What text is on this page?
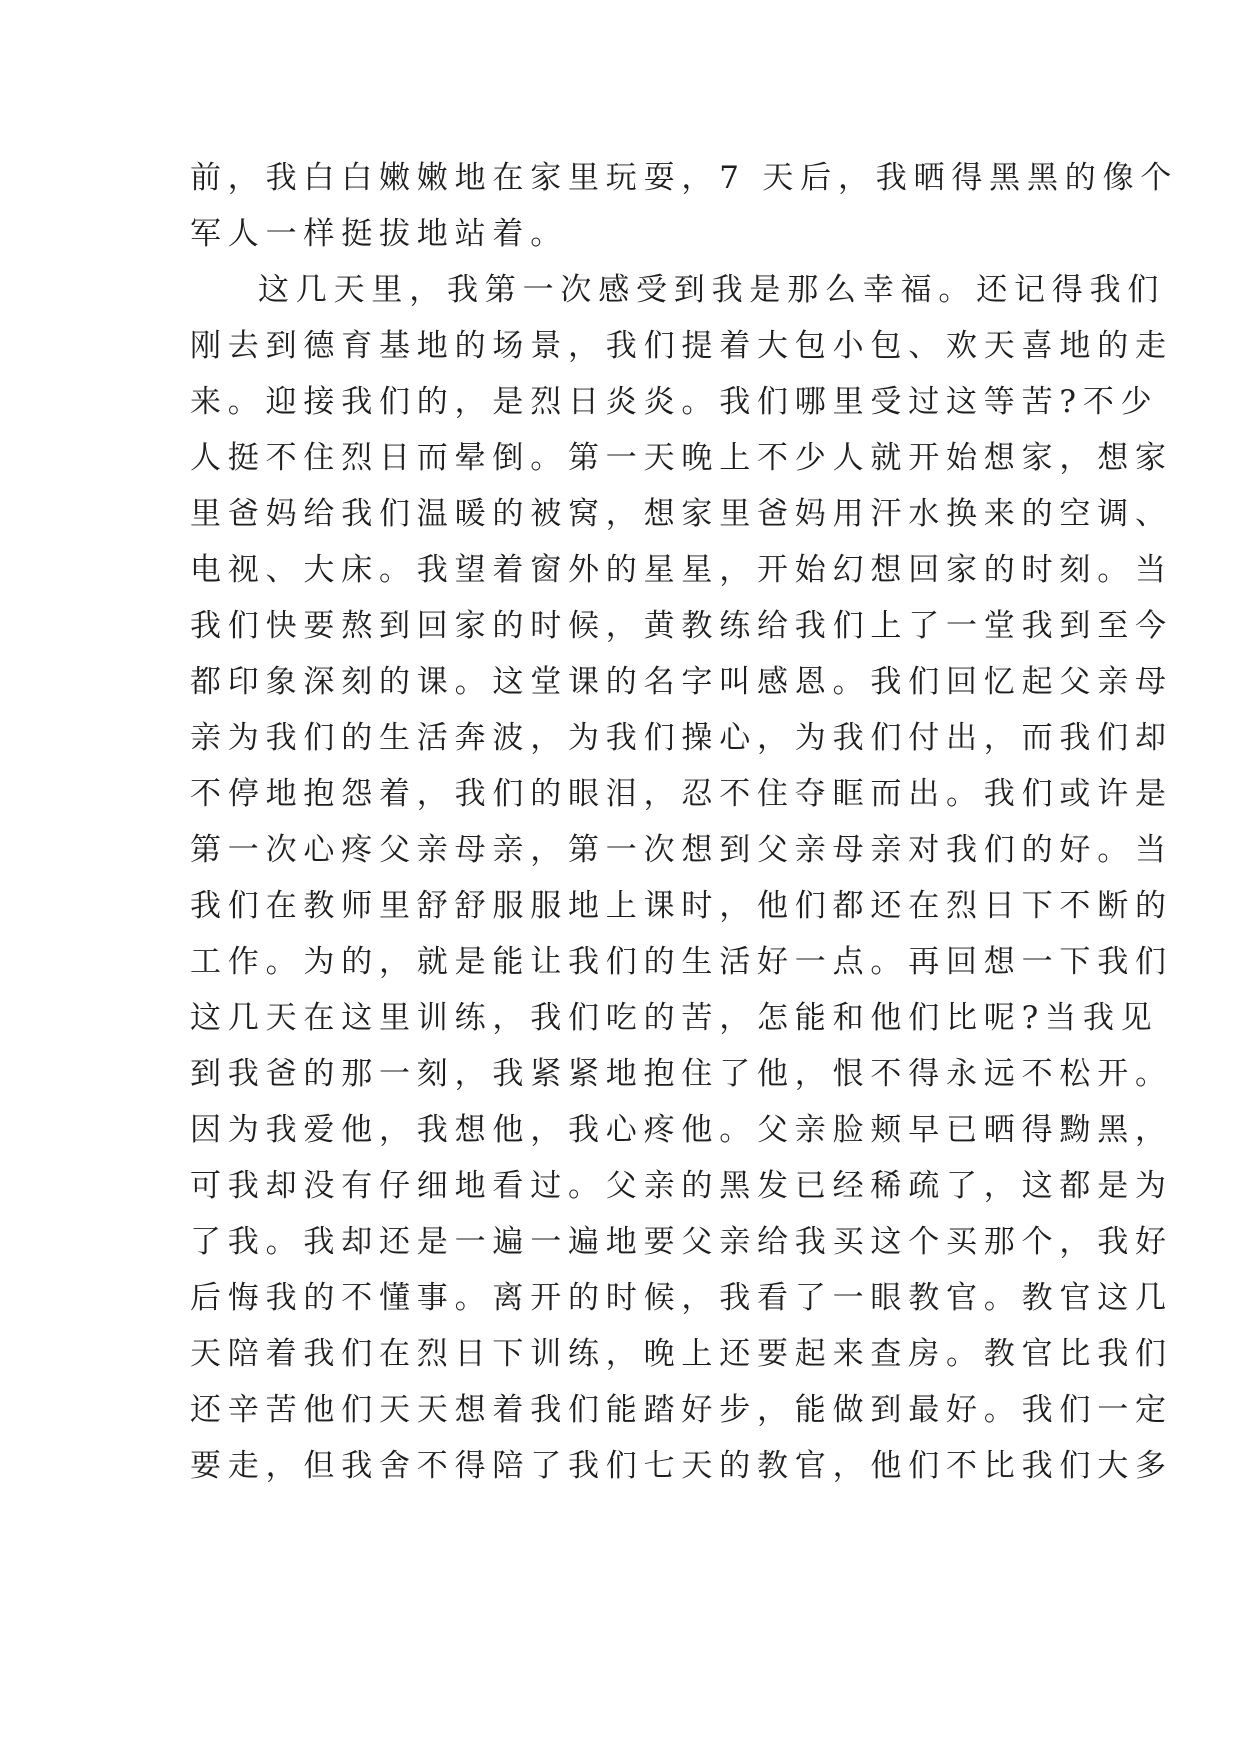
前，我白白嫩嫩地在家里玩耍，7 天后，我晒得黑黑的像个
军人一样挺拔地站着。
这几天里，我第一次感受到我是那么幸福。还记得我们
刚去到德育基地的场景，我们提着大包小包、欢天喜地的走
来。迎接我们的，是烈日炎炎。我们哪里受过这等苦?不少
人挺不住烈日而晕倒。第一天晚上不少人就开始想家，想家
里爸妈给我们温暖的被窝，想家里爸妈用汗水换来的空调、
电视、大床。我望着窗外的星星，开始幻想回家的时刻。当
我们快要熬到回家的时候，黄教练给我们上了一堂我到至今
都印象深刻的课。这堂课的名字叫感恩。我们回忆起父亲母
亲为我们的生活奔波，为我们操心，为我们付出，而我们却
不停地抱怨着，我们的眼泪，忍不住夺眶而出。我们或许是
第一次心疼父亲母亲，第一次想到父亲母亲对我们的好。当
我们在教师里舒舒服服地上课时，他们都还在烈日下不断的
工作。为的，就是能让我们的生活好一点。再回想一下我们
这几天在这里训练，我们吃的苦，怎能和他们比呢?当我见
到我爸的那一刻，我紧紧地抱住了他，恨不得永远不松开。
因为我爱他，我想他，我心疼他。父亲脸颊早已晒得黝黑，
可我却没有仔细地看过。父亲的黑发已经稀疏了，这都是为
了我。我却还是一遍一遍地要父亲给我买这个买那个，我好
后悔我的不懂事。离开的时候，我看了一眼教官。教官这几
天陪着我们在烈日下训练，晚上还要起来查房。教官比我们
还辛苦他们天天想着我们能踏好步，能做到最好。我们一定
要走，但我舍不得陪了我们七天的教官，他们不比我们大多
